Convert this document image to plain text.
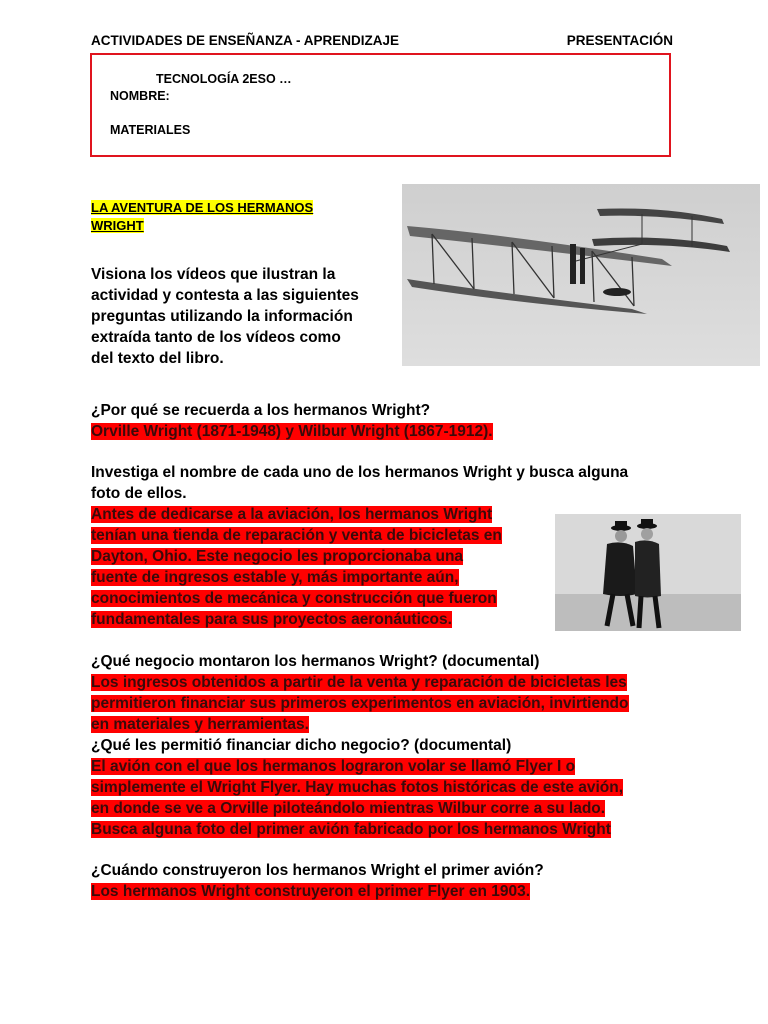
ACTIVIDADES DE ENSEÑANZA - APRENDIZAJE	PRESENTACIÓN
TECNOLOGÍA 2ESO …
NOMBRE:
MATERIALES
LA AVENTURA DE LOS HERMANOS
WRIGHT
Visiona los vídeos que ilustran la
actividad y contesta a las siguientes
preguntas utilizando la información
extraída tanto de los vídeos como
del texto del libro.
¿Por qué se recuerda a los hermanos Wright?
Orville Wright (1871-1948) y Wilbur Wright (1867-1912).
Investiga el nombre de cada uno de los hermanos Wright y busca alguna
foto de ellos.
Antes de dedicarse a la aviación, los hermanos Wright
tenían una tienda de reparación y venta de bicicletas en
Dayton, Ohio. Este negocio les proporcionaba una
fuente de ingresos estable y, más importante aún,
conocimientos de mecánica y construcción que fueron
fundamentales para sus proyectos aeronáuticos.
¿Qué negocio montaron los hermanos Wright? (documental)
Los ingresos obtenidos a partir de la venta y reparación de bicicletas les
permitieron financiar sus primeros experimentos en aviación, invirtiendo
en materiales y herramientas.
¿Qué les permitió financiar dicho negocio? (documental)
El avión con el que los hermanos lograron volar se llamó Flyer I o
simplemente el Wright Flyer. Hay muchas fotos históricas de este avión,
en donde se ve a Orville piloteándolo mientras Wilbur corre a su lado.
Busca alguna foto del primer avión fabricado por los hermanos Wright
¿Cuándo construyeron los hermanos Wright el primer avión?
Los hermanos Wright construyeron el primer Flyer en 1903.
